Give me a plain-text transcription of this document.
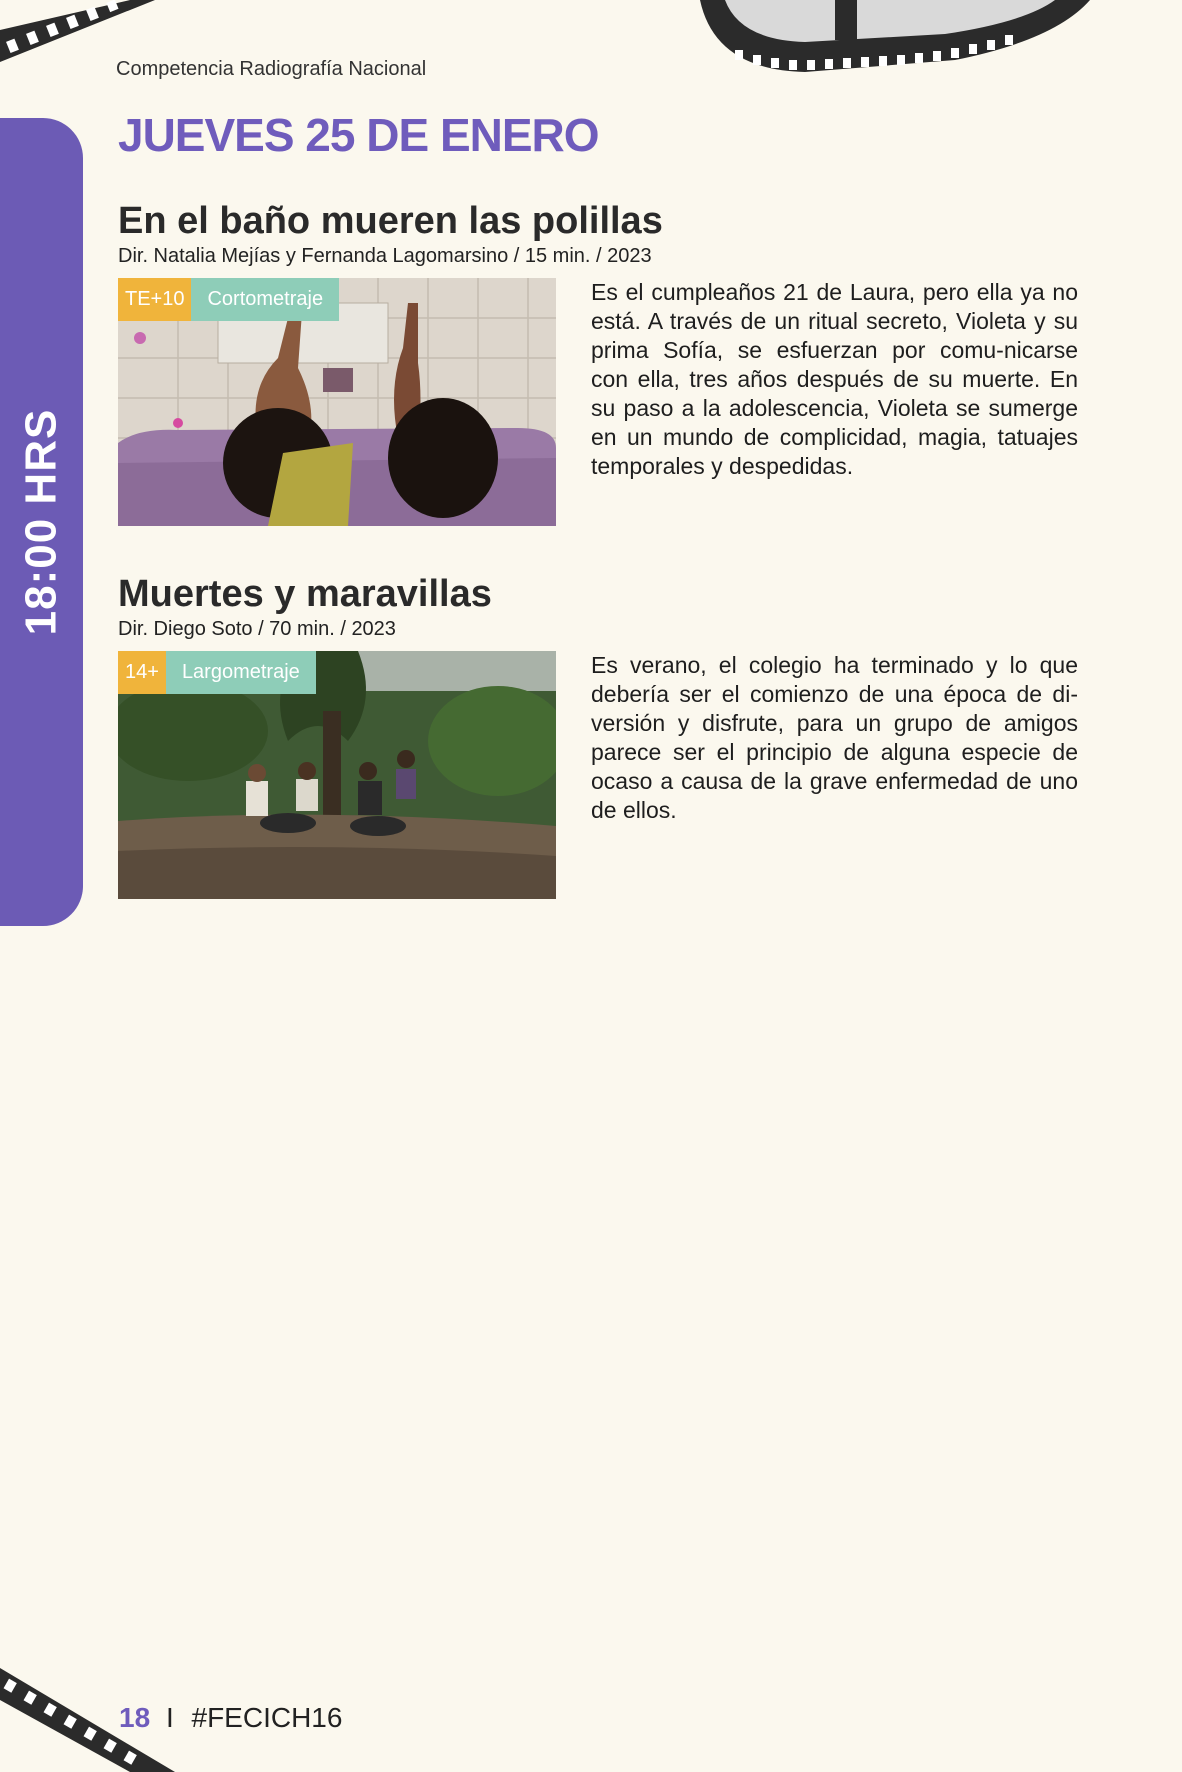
Competencia Radiografía Nacional
JUEVES 25 DE ENERO
18:00 HRS
En el baño mueren las polillas
Dir. Natalia Mejías y Fernanda Lagomarsino / 15 min. / 2023
TE+10	Cortometraje	Es el cumpleaños 21 de Laura, pero ella ya no está. A través de un ritual secreto, Violeta y su prima Sofía, se esfuerzan por comu-nicarse con ella, tres años después de su muerte. En su paso a la adolescencia, Violeta se sumerge en un mundo de complicidad, magia, tatuajes temporales y despedidas.

Muertes y maravillas
Dir. Diego Soto / 70 min. / 2023
14+	Largometraje	Es verano, el colegio ha terminado y lo que debería ser el comienzo de una época de di-versión y disfrute, para un grupo de amigos parece ser el principio de alguna especie de ocaso a causa de la grave enfermedad de uno de ellos.

18 I #FECICH16
